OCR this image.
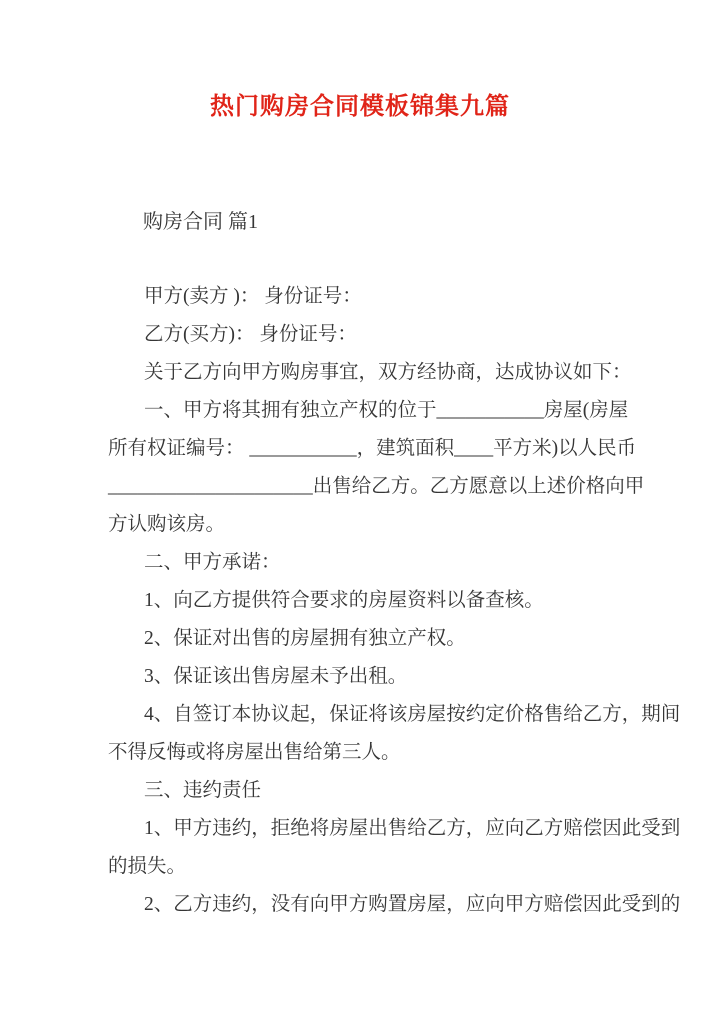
热门购房合同模板锦集九篇
购房合同 篇1
甲方(卖方 )： 身份证号：
乙方(买方)： 身份证号：
关于乙方向甲方购房事宜，双方经协商，达成协议如下：
一、甲方将其拥有独立产权的位于___________房屋(房屋
所有权证编号： ___________，建筑面积____平方米)以人民币
_____________________出售给乙方。乙方愿意以上述价格向甲
方认购该房。
二、甲方承诺：
1、向乙方提供符合要求的房屋资料以备查核。
2、保证对出售的房屋拥有独立产权。
3、保证该出售房屋未予出租。
4、自签订本协议起，保证将该房屋按约定价格售给乙方，期间
不得反悔或将房屋出售给第三人。
三、违约责任
1、甲方违约，拒绝将房屋出售给乙方，应向乙方赔偿因此受到
的损失。
2、乙方违约，没有向甲方购置房屋，应向甲方赔偿因此受到的
